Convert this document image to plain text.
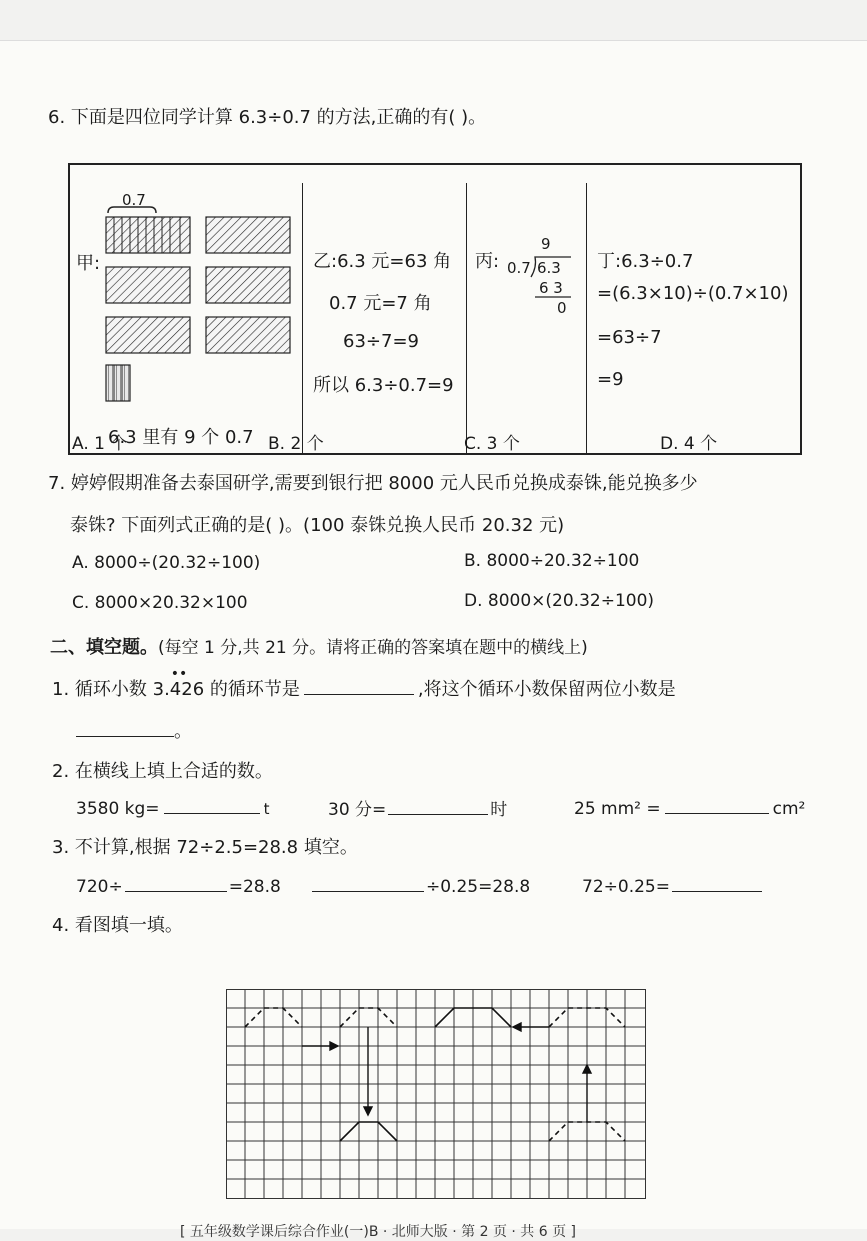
6. 下面是四位同学计算 6.3÷0.7 的方法,正确的有( )。
甲:
0.7
6.3 里有 9 个 0.7
乙:6.3 元=63 角
0.7 元=7 角
63÷7=9
所以 6.3÷0.7=9
丙:
9
0.7 6.3
6 3
0
丁:6.3÷0.7
=(6.3×10)÷(0.7×10)
=63÷7
=9
A. 1 个	B. 2 个	C. 3 个	D. 4 个
7. 婷婷假期准备去泰国研学,需要到银行把 8000 元人民币兑换成泰铢,能兑换多少
泰铢? 下面列式正确的是( )。(100 泰铢兑换人民币 20.32 元)
A. 8000÷(20.32÷100)	B. 8000÷20.32÷100
C. 8000×20.32×100	D. 8000×(20.32÷100)
二、填空题。(每空 1 分,共 21 分。请将正确的答案填在题中的横线上)
1. 循环小数 3.
••
426 的循环节是	,将这个循环小数保留两位小数是
。
2. 在横线上填上合适的数。
3580 kg=	t	30 分=	时	25 mm² =	cm²
3. 不计算,根据 72÷2.5=28.8 填空。
720÷	=28.8	÷0.25=28.8	72÷0.25=
4. 看图填一填。
[ 五年级数学课后综合作业(一)B · 北师大版 · 第 2 页 · 共 6 页 ]
